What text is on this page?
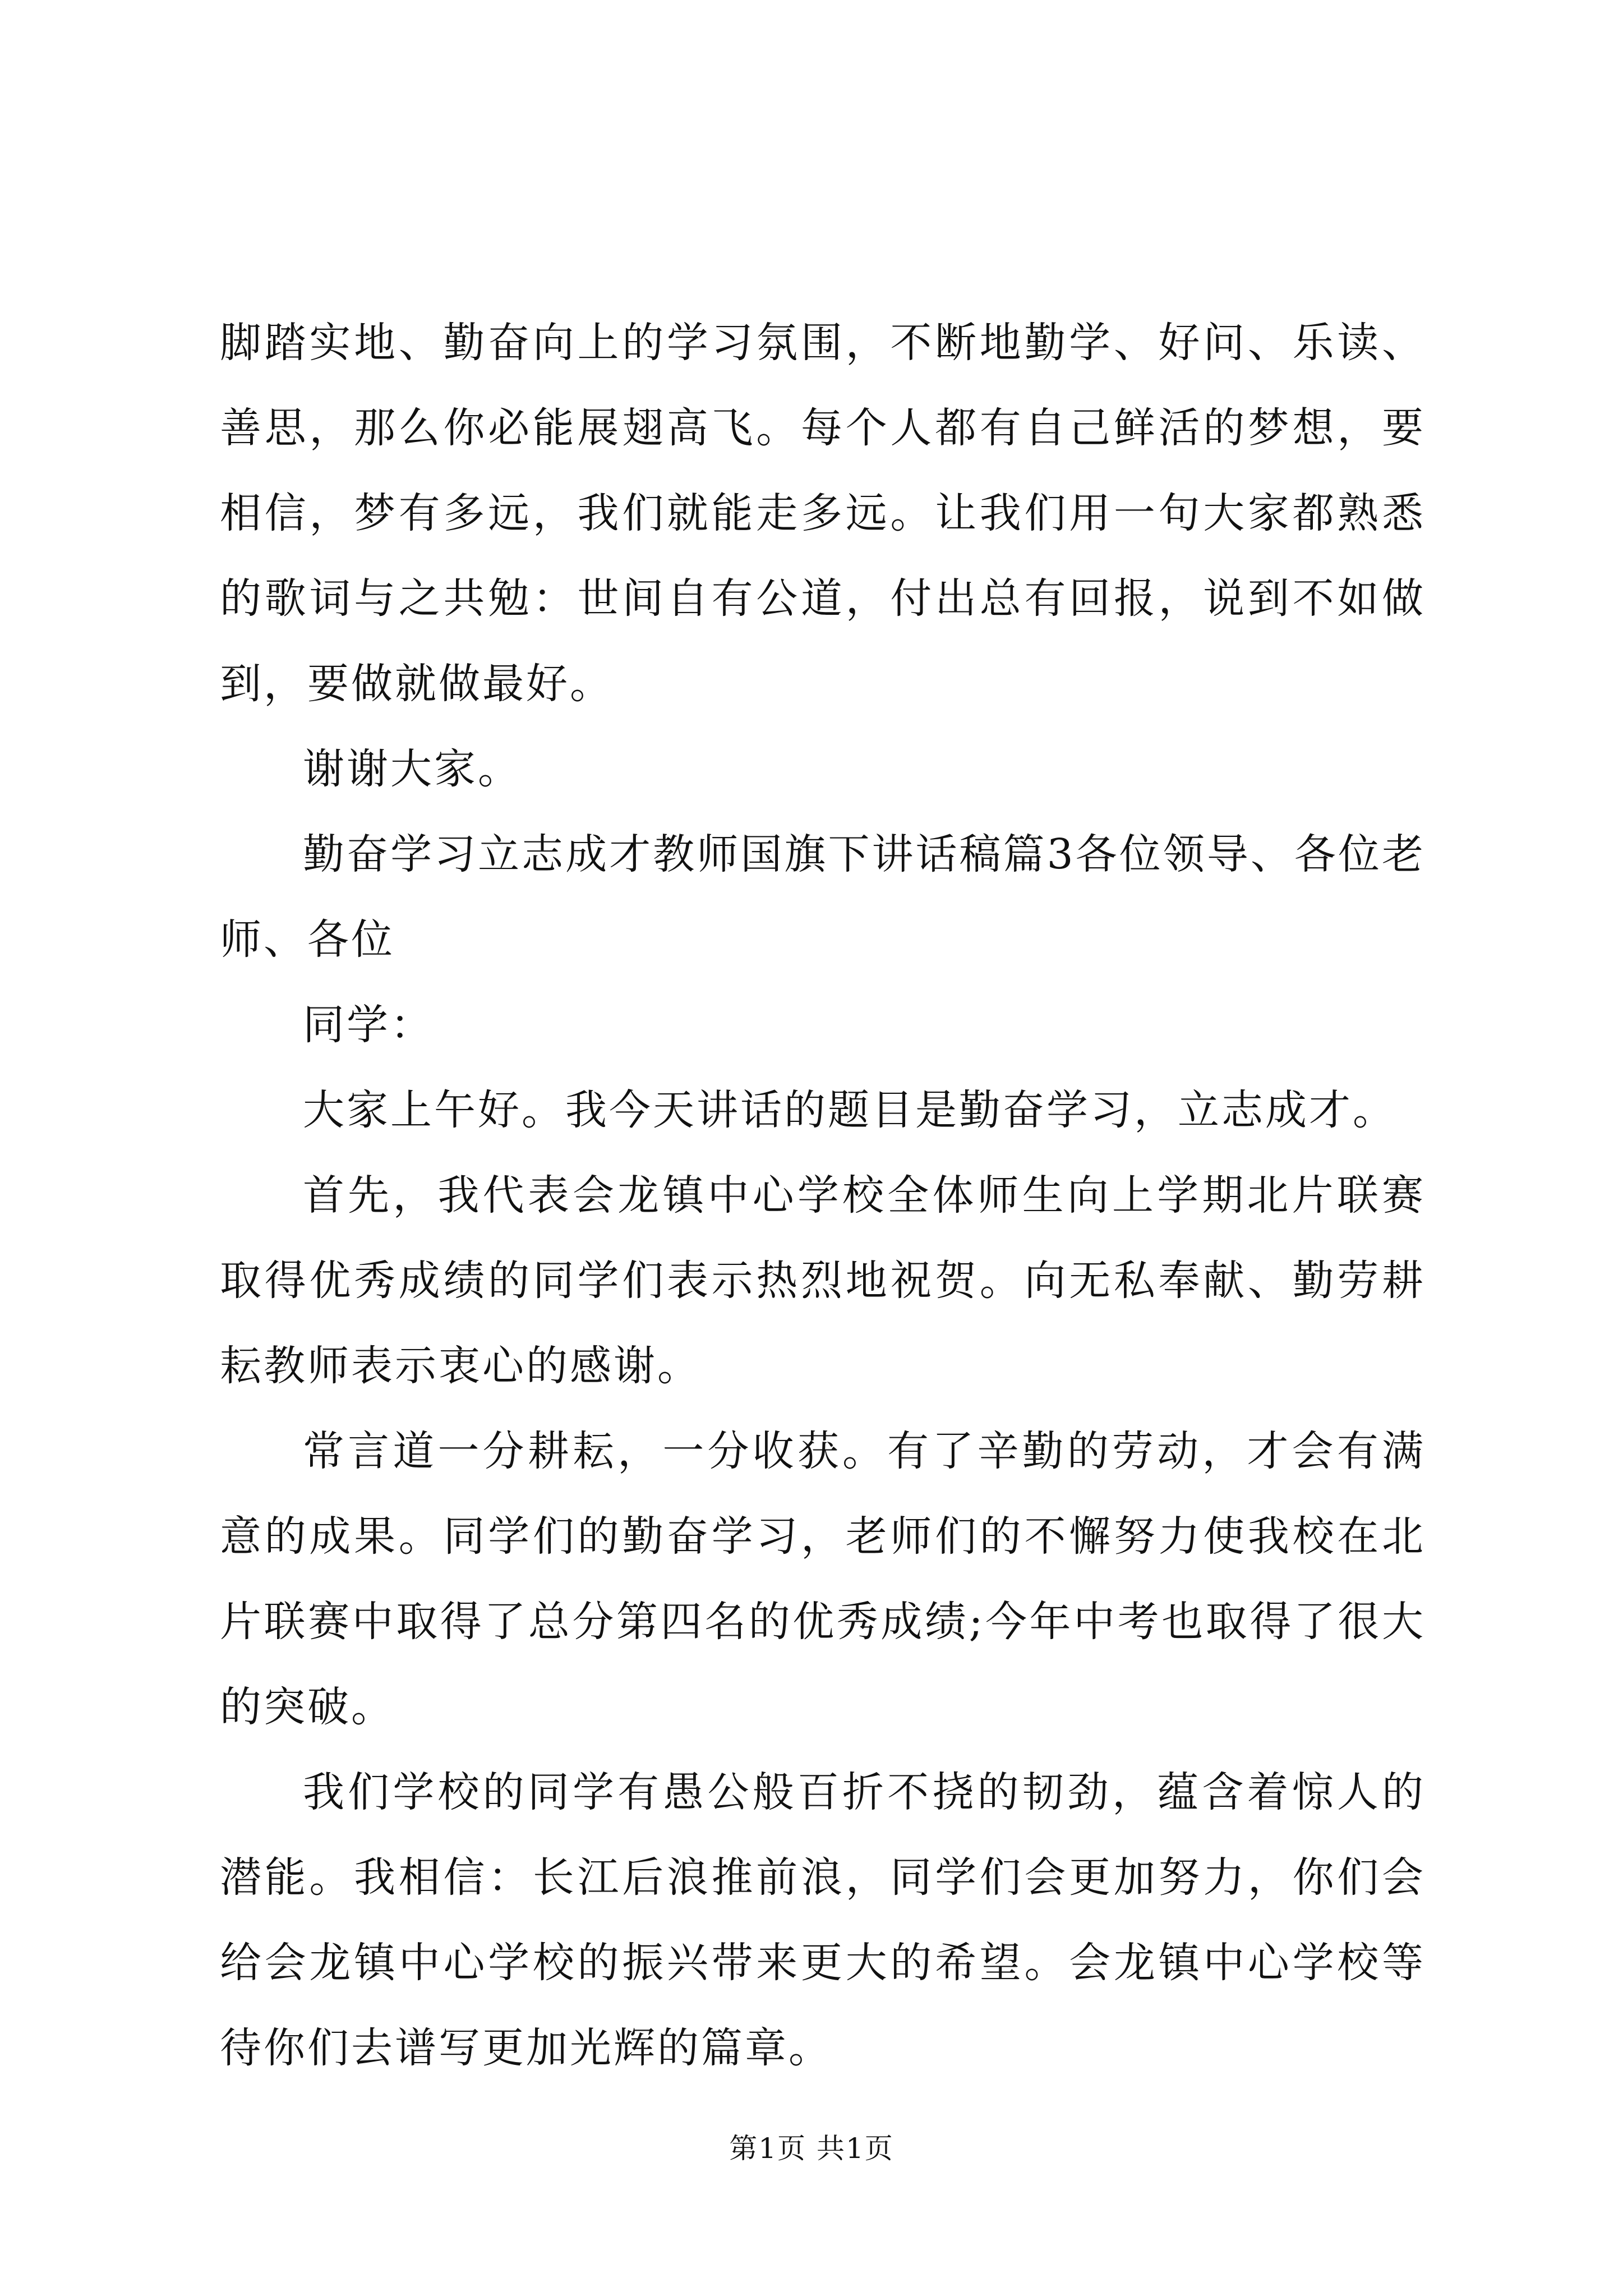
脚踏实地、勤奋向上的学习氛围，不断地勤学、好问、乐读、善思，那么你必能展翅高飞。每个人都有自己鲜活的梦想，要相信，梦有多远，我们就能走多远。让我们用一句大家都熟悉的歌词与之共勉：世间自有公道，付出总有回报，说到不如做到，要做就做最好。

谢谢大家。

勤奋学习立志成才教师国旗下讲话稿篇3各位领导、各位老师、各位

同学：

大家上午好。我今天讲话的题目是勤奋学习，立志成才。

首先，我代表会龙镇中心学校全体师生向上学期北片联赛取得优秀成绩的同学们表示热烈地祝贺。向无私奉献、勤劳耕耘教师表示衷心的感谢。

常言道一分耕耘，一分收获。有了辛勤的劳动，才会有满意的成果。同学们的勤奋学习，老师们的不懈努力使我校在北片联赛中取得了总分第四名的优秀成绩;今年中考也取得了很大的突破。

我们学校的同学有愚公般百折不挠的韧劲，蕴含着惊人的潜能。我相信：长江后浪推前浪，同学们会更加努力，你们会给会龙镇中心学校的振兴带来更大的希望。会龙镇中心学校等待你们去谱写更加光辉的篇章。

第1页 共1页
